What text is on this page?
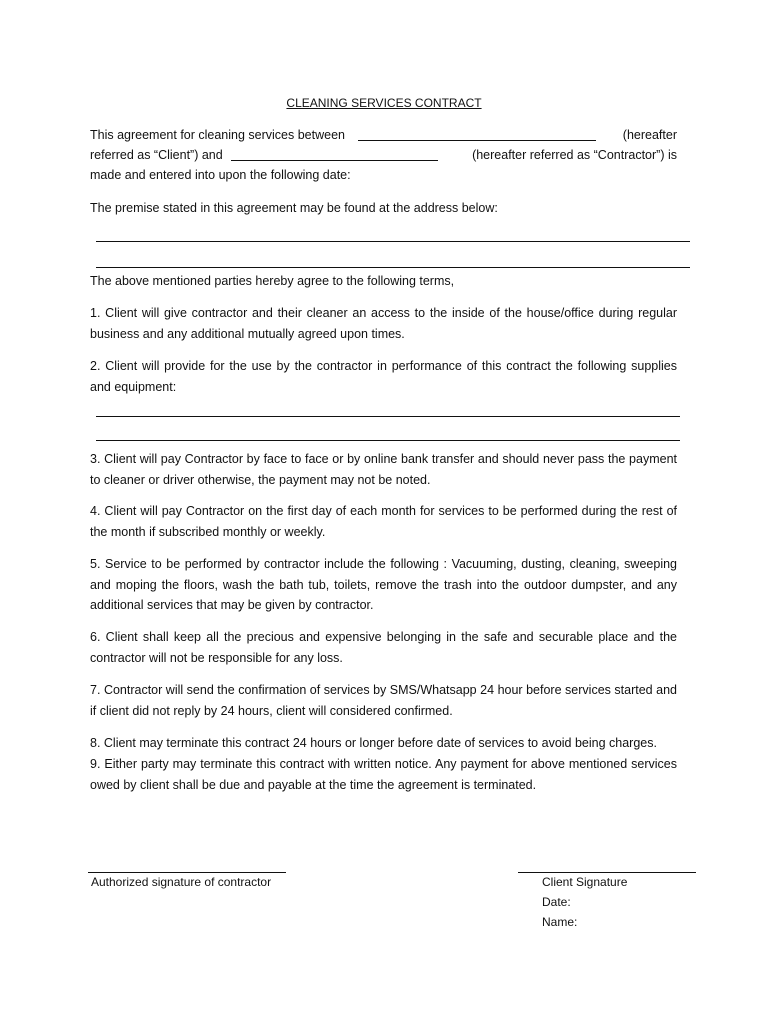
CLEANING SERVICES CONTRACT
This agreement for cleaning services between	(hereafter
referred as “Client”) and	(hereafter referred as “Contractor”) is
made and entered into upon the following date:

The premise stated in this agreement may be found at the address below:

The above mentioned parties hereby agree to the following terms,

1. Client will give contractor and their cleaner an access to the inside of the house/office during regular business and any additional mutually agreed upon times.

2. Client will provide for the use by the contractor in performance of this contract the following supplies and equipment:

3. Client will pay Contractor by face to face or by online bank transfer and should never pass the payment to cleaner or driver otherwise, the payment may not be noted.

4. Client will pay Contractor on the first day of each month for services to be performed during the rest of the month if subscribed monthly or weekly.

5. Service to be performed by contractor include the following : Vacuuming, dusting, cleaning, sweeping and moping the floors, wash the bath tub, toilets, remove the trash into the outdoor dumpster, and any additional services that may be given by contractor.

6. Client shall keep all the precious and expensive belonging in the safe and securable place and the contractor will not be responsible for any loss.

7. Contractor will send the confirmation of services by SMS/Whatsapp 24 hour before services started and if client did not reply by 24 hours, client will considered confirmed.

8. Client may terminate this contract 24 hours or longer before date of services to avoid being charges.

9. Either party may terminate this contract with written notice. Any payment for above mentioned services owed by client shall be due and payable at the time the agreement is terminated.

Authorized signature of contractor	Client Signature
Date:
Name:
